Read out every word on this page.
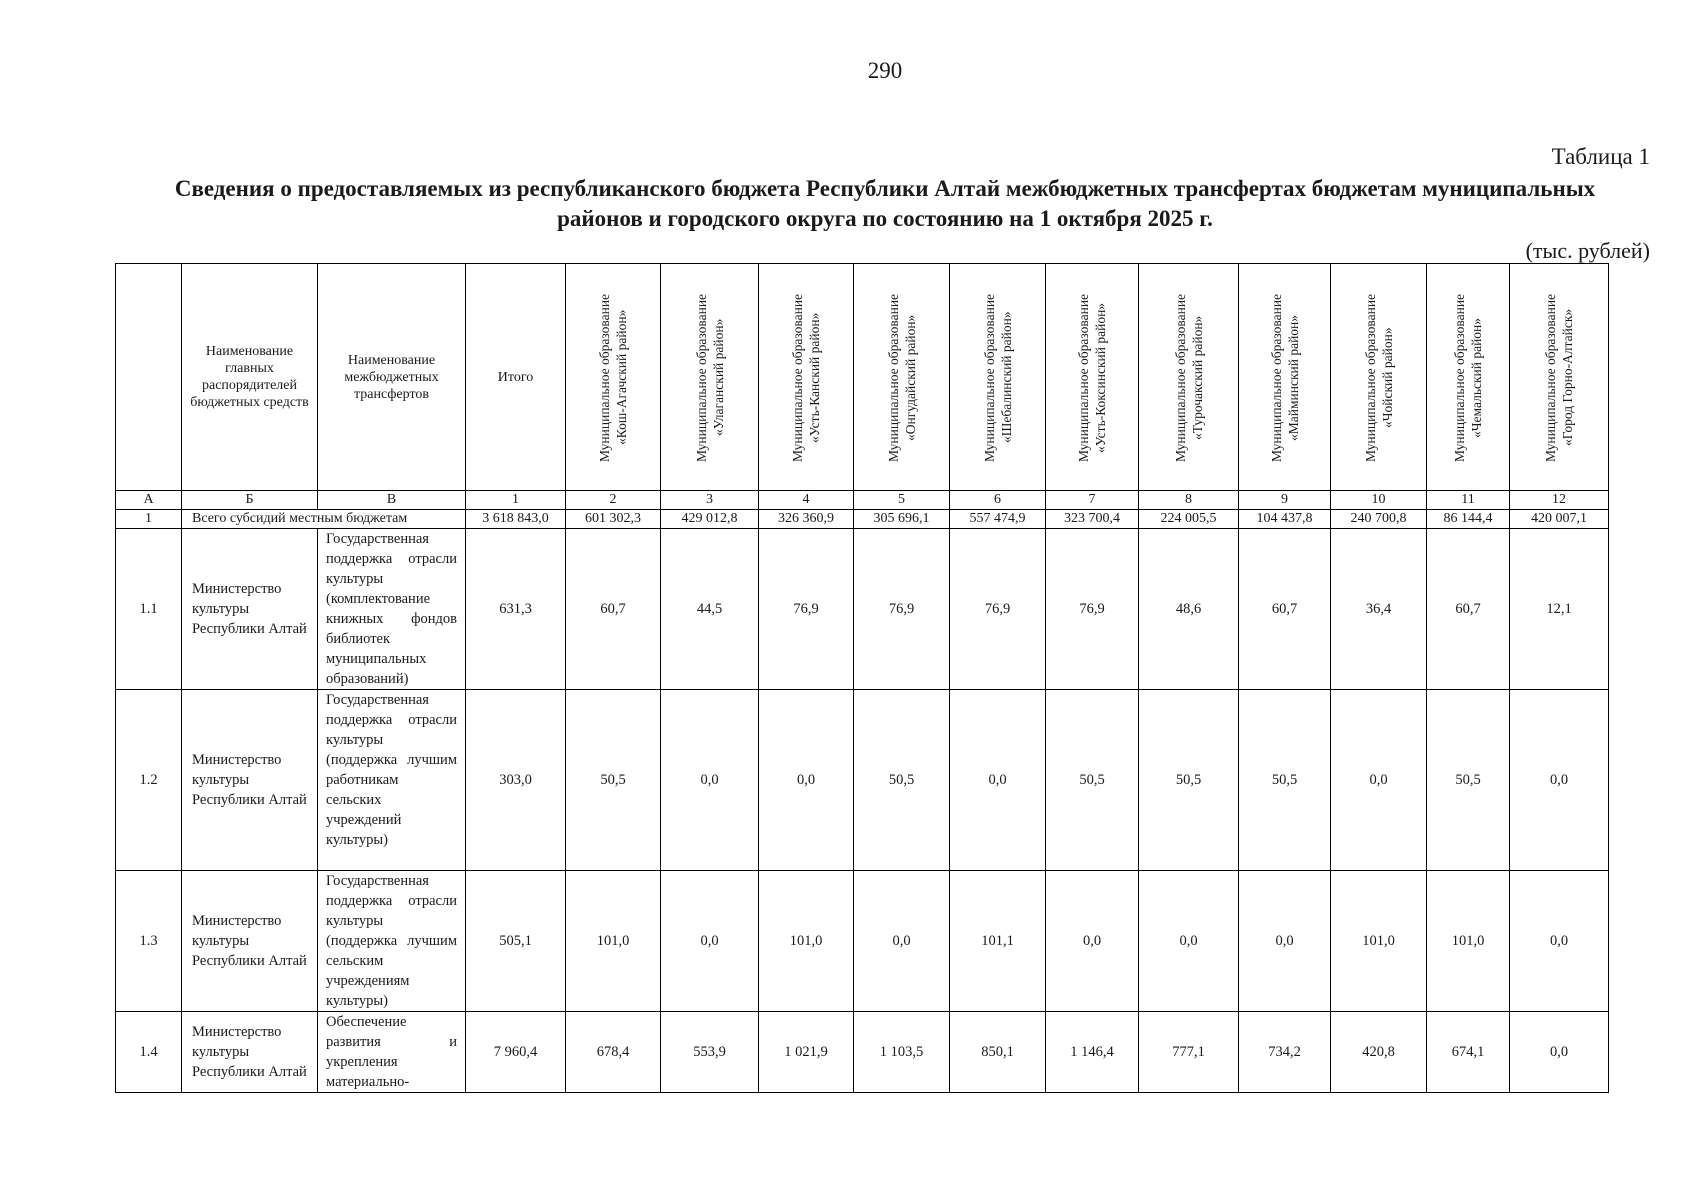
290
Таблица 1
Сведения о предоставляемых из республиканского бюджета Республики Алтай межбюджетных трансфертах бюджетам муниципальных районов и городского округа по состоянию на 1 октября 2025 г.
(тыс. рублей)

	Наименование главных распорядителей бюджетных средств	Наименование межбюджетных трансфертов	Итого	Муниципальное образование «Кош-Агачский район»	Муниципальное образование «Улаганский район»	Муниципальное образование «Усть-Канский район»	Муниципальное образование «Онгудайский район»	Муниципальное образование «Шебалинский район»	Муниципальное образование «Усть-Коксинский район»	Муниципальное образование «Турочакский район»	Муниципальное образование «Майминский район»	Муниципальное образование «Чойский район»	Муниципальное образование «Чемальский район»	Муниципальное образование «Город Горно-Алтайск»

А	Б	В	1	2	3	4	5	6	7	8	9	10	11	12
1	Всего субсидий местным бюджетам		3 618 843,0	601 302,3	429 012,8	326 360,9	305 696,1	557 474,9	323 700,4	224 005,5	104 437,8	240 700,8	86 144,4	420 007,1
1.1	Министерство культуры Республики Алтай	Государственная поддержка отрасли культуры (комплектование книжных фондов библиотек муниципальных образований)	631,3	60,7	44,5	76,9	76,9	76,9	76,9	48,6	60,7	36,4	60,7	12,1
1.2	Министерство культуры Республики Алтай	Государственная поддержка отрасли культуры (поддержка лучшим работникам сельских учреждений культуры)	303,0	50,5	0,0	0,0	50,5	0,0	50,5	50,5	50,5	0,0	50,5	0,0
1.3	Министерство культуры Республики Алтай	Государственная поддержка отрасли культуры (поддержка лучшим сельским учреждениям культуры)	505,1	101,0	0,0	101,0	0,0	101,1	0,0	0,0	0,0	101,0	101,0	0,0
1.4	Министерство культуры Республики Алтай	Обеспечение развития и укрепления материально-	7 960,4	678,4	553,9	1 021,9	1 103,5	850,1	1 146,4	777,1	734,2	420,8	674,1	0,0
